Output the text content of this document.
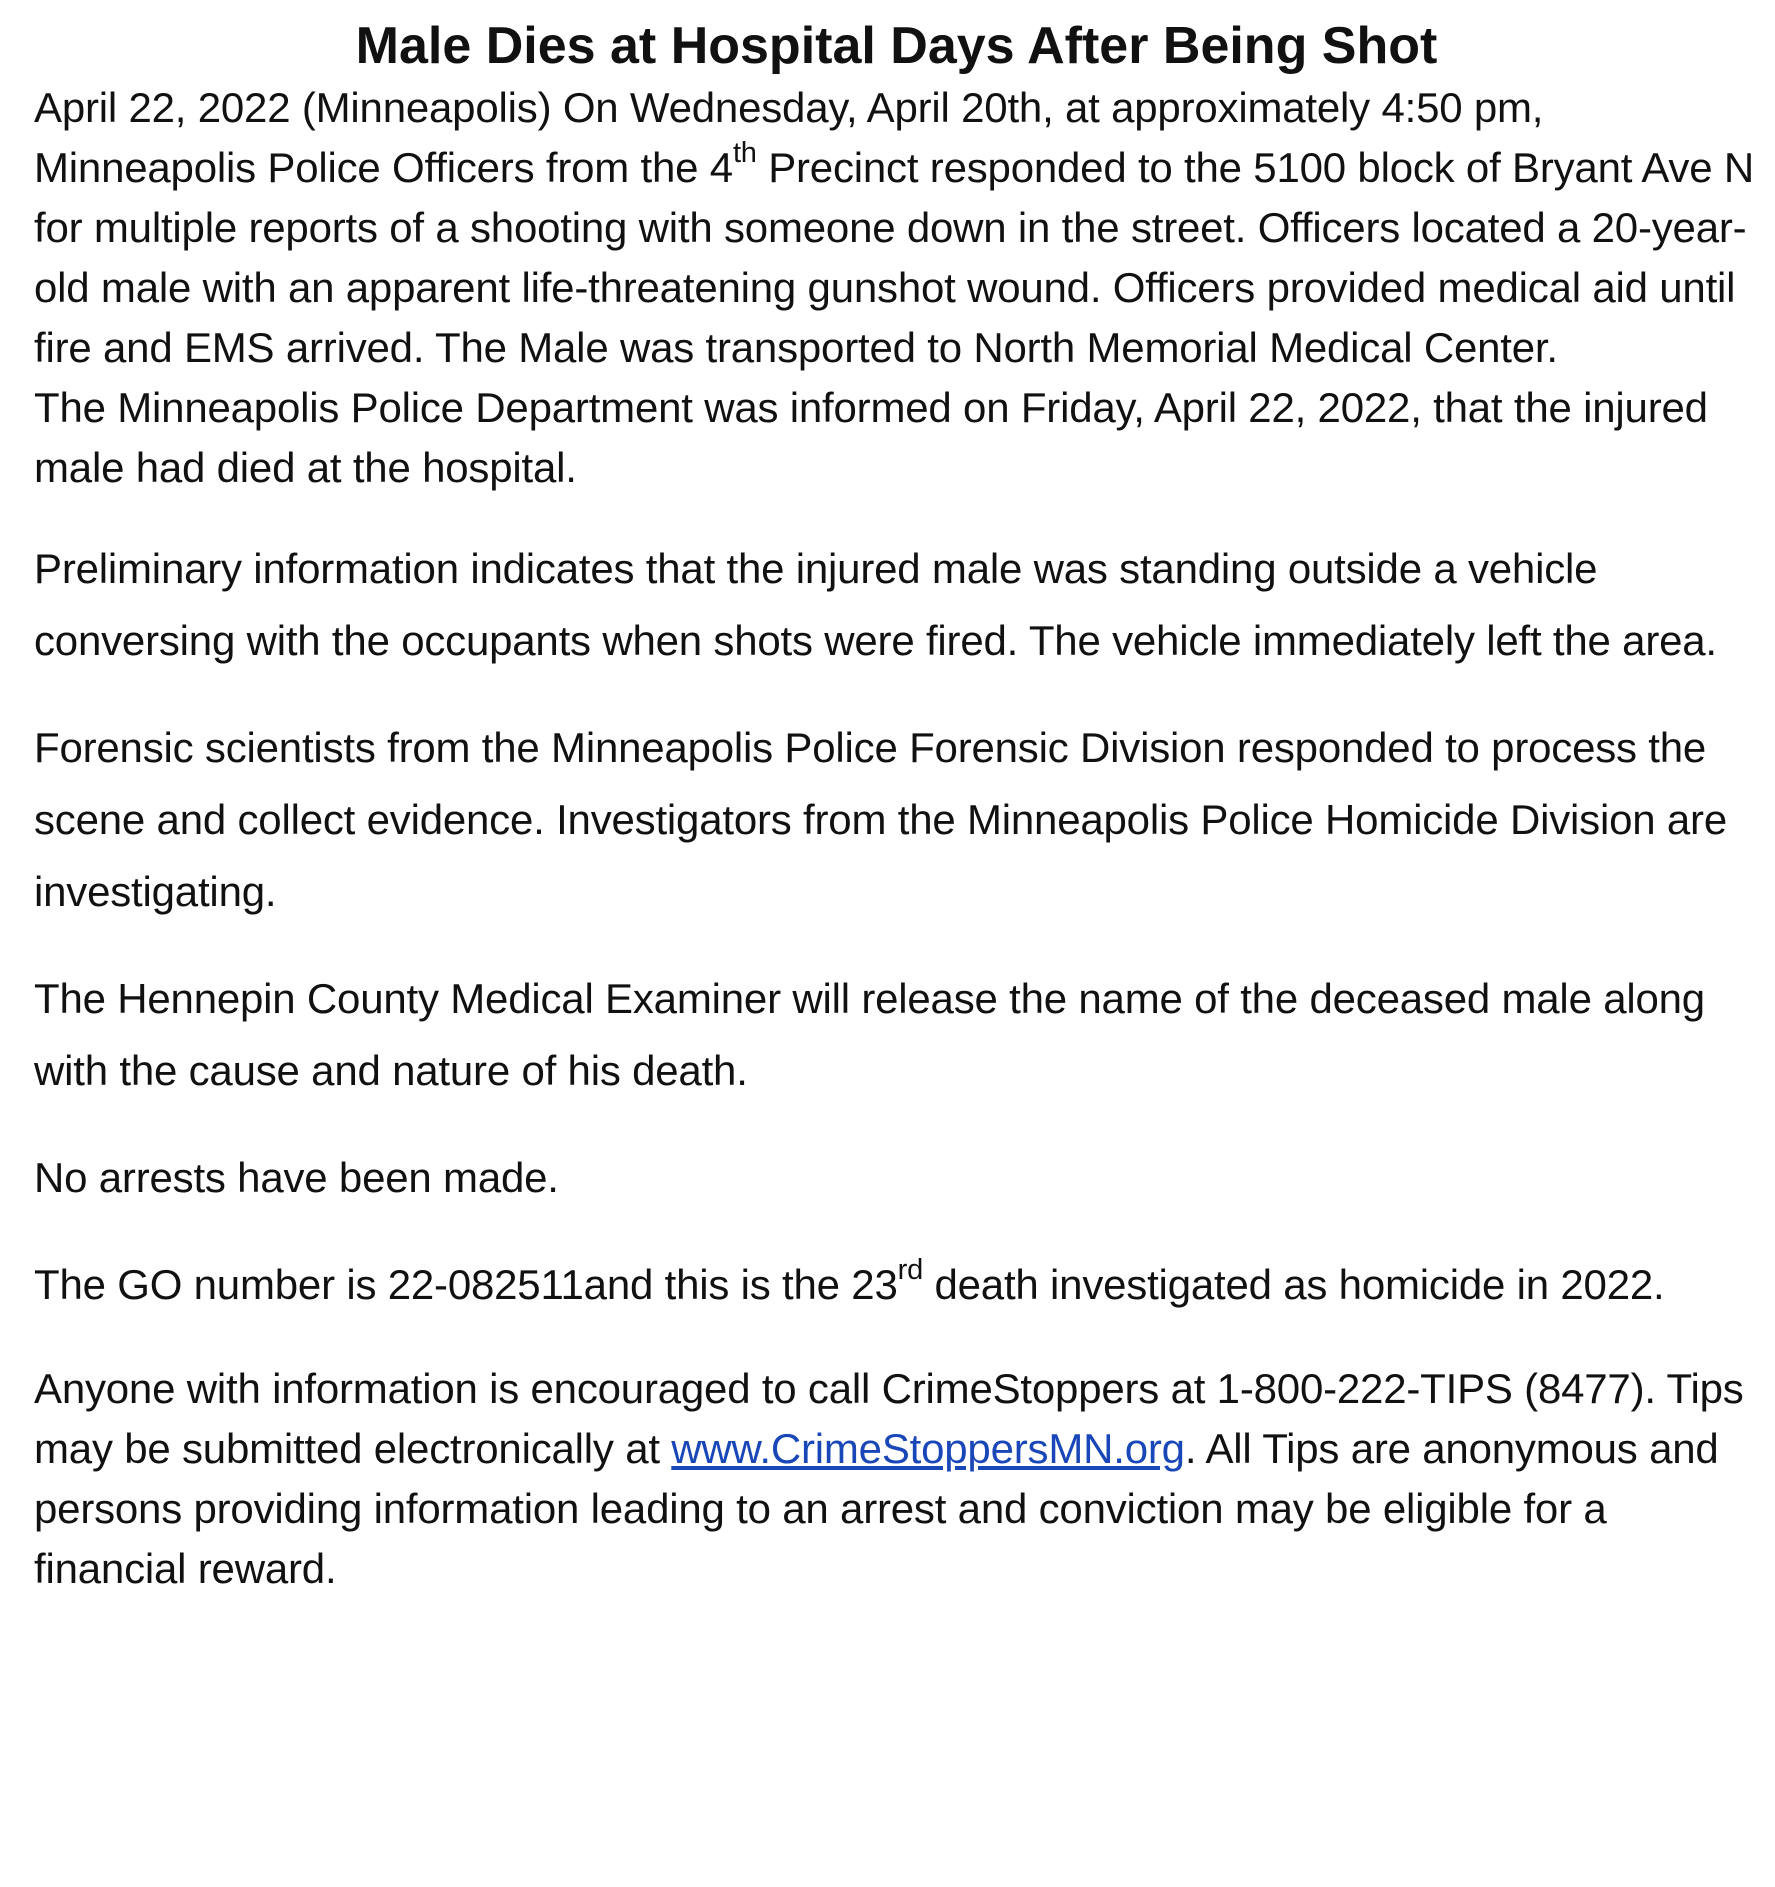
Male Dies at Hospital Days After Being Shot

April 22, 2022 (Minneapolis) On Wednesday, April 20th, at approximately 4:50 pm, Minneapolis Police Officers from the 4th Precinct responded to the 5100 block of Bryant Ave N for multiple reports of a shooting with someone down in the street. Officers located a 20-year-old male with an apparent life-threatening gunshot wound. Officers provided medical aid until fire and EMS arrived. The Male was transported to North Memorial Medical Center.

The Minneapolis Police Department was informed on Friday, April 22, 2022, that the injured male had died at the hospital.

Preliminary information indicates that the injured male was standing outside a vehicle conversing with the occupants when shots were fired. The vehicle immediately left the area.

Forensic scientists from the Minneapolis Police Forensic Division responded to process the scene and collect evidence. Investigators from the Minneapolis Police Homicide Division are investigating.

The Hennepin County Medical Examiner will release the name of the deceased male along with the cause and nature of his death.

No arrests have been made.

The GO number is 22-082511and this is the 23rd death investigated as homicide in 2022.

Anyone with information is encouraged to call CrimeStoppers at 1-800-222-TIPS (8477). Tips may be submitted electronically at www.CrimeStoppersMN.org. All Tips are anonymous and persons providing information leading to an arrest and conviction may be eligible for a financial reward.
